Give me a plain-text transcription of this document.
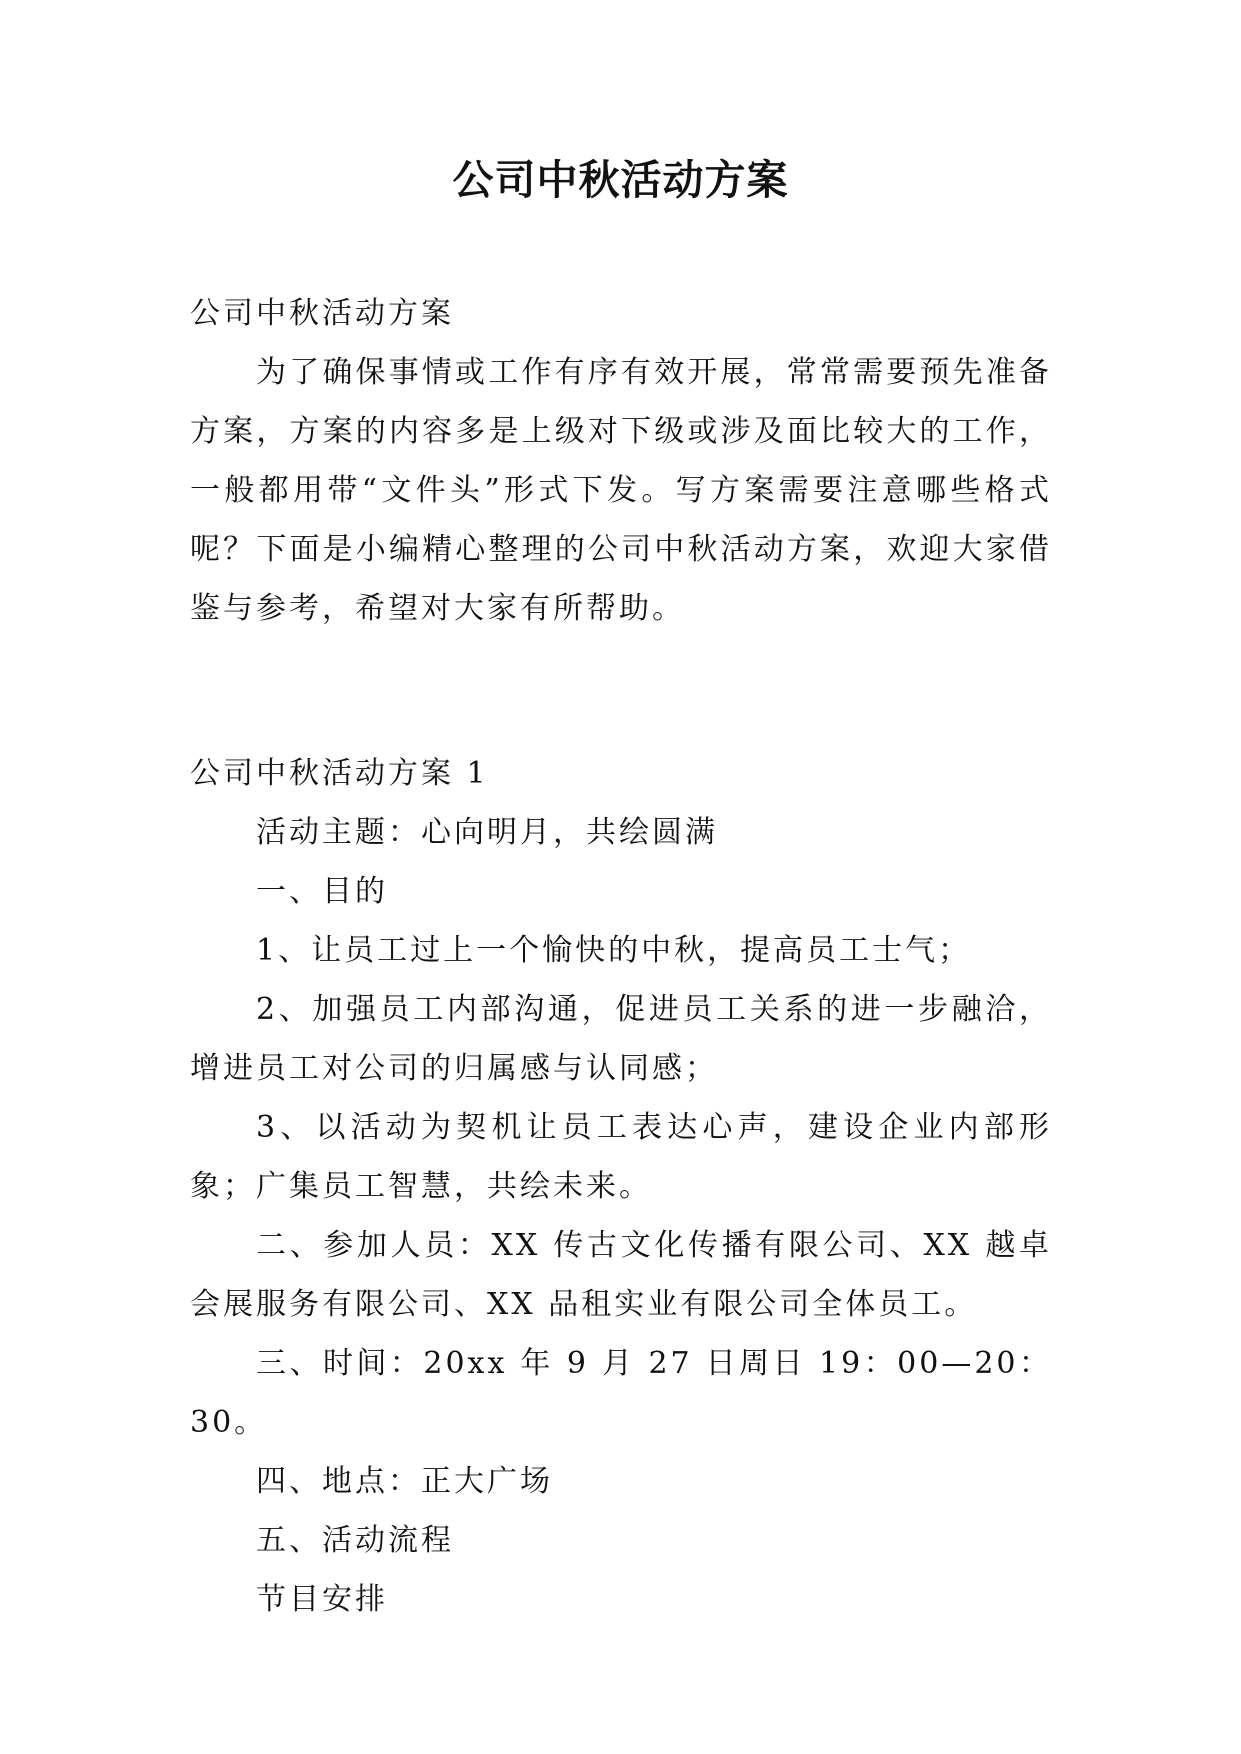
公司中秋活动方案

公司中秋活动方案

为了确保事情或工作有序有效开展，常常需要预先准备方案，方案的内容多是上级对下级或涉及面比较大的工作，一般都用带“文件头”形式下发。写方案需要注意哪些格式呢？下面是小编精心整理的公司中秋活动方案，欢迎大家借鉴与参考，希望对大家有所帮助。

公司中秋活动方案 1

活动主题：心向明月，共绘圆满

一、目的

1、让员工过上一个愉快的中秋，提高员工士气；

2、加强员工内部沟通，促进员工关系的进一步融洽，增进员工对公司的归属感与认同感；

3、以活动为契机让员工表达心声，建设企业内部形象；广集员工智慧，共绘未来。

二、参加人员：XX 传古文化传播有限公司、XX 越卓会展服务有限公司、XX 品租实业有限公司全体员工。

三、时间：20xx 年 9 月 27 日周日 19：00—20：30。

四、地点：正大广场

五、活动流程

节目安排
